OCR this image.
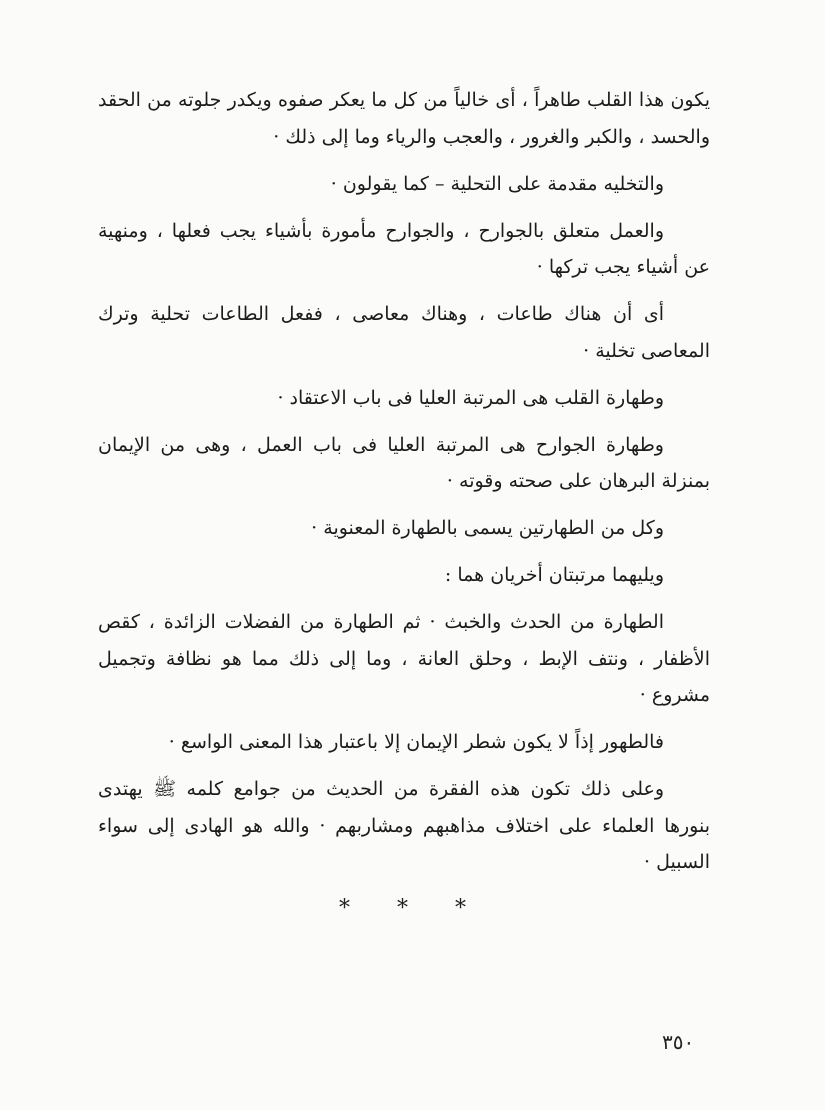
يكون هذا القلب طاهراً ، أى خالياً من كل ما يعكر صفوه ويكدر جلوته من الحقد والحسد ، والكبر والغرور ، والعجب والرياء وما إلى ذلك ·

والتخليه مقدمة على التحلية – كما يقولون ·

والعمل متعلق بالجوارح ، والجوارح مأمورة بأشياء يجب فعلها ، ومنهية عن أشياء يجب تركها ·

أى أن هناك طاعات ، وهناك معاصى ، ففعل الطاعات تحلية وترك المعاصى تخلية ·

وطهارة القلب هى المرتبة العليا فى باب الاعتقاد ·

وطهارة الجوارح هى المرتبة العليا فى باب العمل ، وهى من الإيمان بمنزلة البرهان على صحته وقوته ·

وكل من الطهارتين يسمى بالطهارة المعنوية ·

ويليهما مرتبتان أخريان هما :

الطهارة من الحدث والخبث · ثم الطهارة من الفضلات الزائدة ، كقص الأظفار ، ونتف الإبط ، وحلق العانة ، وما إلى ذلك مما هو نظافة وتجميل مشروع ·

فالطهور إذاً لا يكون شطر الإيمان إلا باعتبار هذا المعنى الواسع ·

وعلى ذلك تكون هذه الفقرة من الحديث من جوامع كلمه ﷺ يهتدى بنورها العلماء على اختلاف مذاهبهم ومشاربهم · والله هو الهادى إلى سواء السبيل ·

* * *
٣٥٠
